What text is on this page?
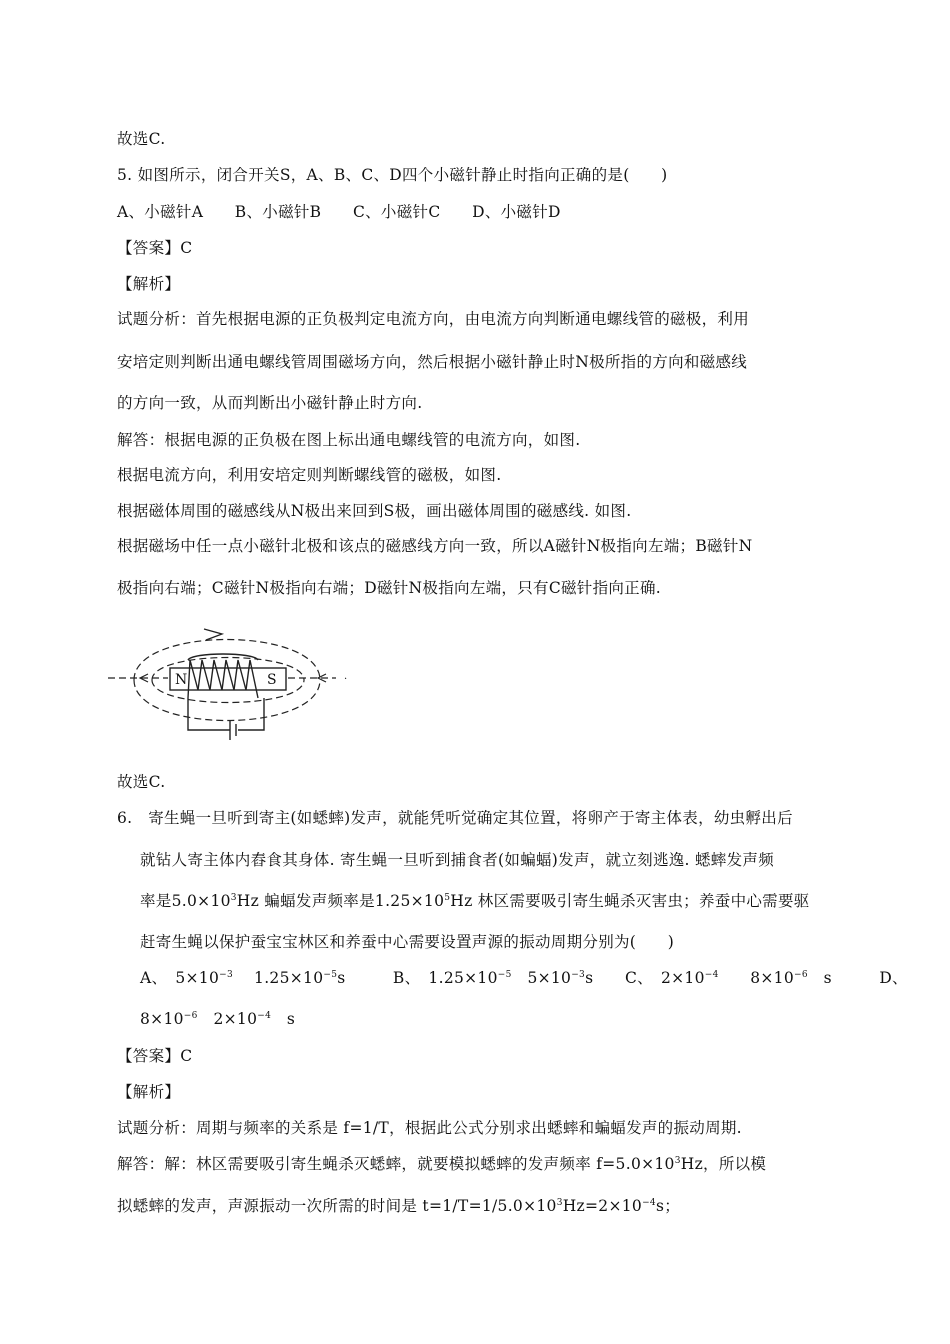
故选C.
5. 如图所示，闭合开关S，A、B、C、D四个小磁针静止时指向正确的是(　　)
A、小磁针A　　B、小磁针B　　C、小磁针C　　D、小磁针D
【答案】C
【解析】
试题分析：首先根据电源的正负极判定电流方向，由电流方向判断通电螺线管的磁极，利用
安培定则判断出通电螺线管周围磁场方向，然后根据小磁针静止时N极所指的方向和磁感线
的方向一致，从而判断出小磁针静止时方向.
解答：根据电源的正负极在图上标出通电螺线管的电流方向，如图.
根据电流方向，利用安培定则判断螺线管的磁极，如图.
根据磁体周围的磁感线从N极出来回到S极，画出磁体周围的磁感线. 如图.
根据磁场中任一点小磁针北极和该点的磁感线方向一致，所以A磁针N极指向左端；B磁针N
极指向右端；C磁针N极指向右端；D磁针N极指向左端，只有C磁针指向正确.
N	S	·
故选C.
6.　寄生蝇一旦听到寄主(如蟋蟀)发声，就能凭听觉确定其位置，将卵产于寄主体表，幼虫孵出后
就钻人寄主体内舂食其身体. 寄生蝇一旦听到捕食者(如蝙蝠)发声，就立刻逃逸. 蟋蟀发声频
率是$5.0\times 10^3Hz$ 蝙蝠发声频率是$1.25\times 10^5Hz$ 林区需要吸引寄生蝇杀灭害虫；养蚕中心需要驱
赶寄生蝇以保护蚕宝宝林区和养蚕中心需要设置声源的振动周期分别为(　　)
A、　$5\times 10^{-3}$　 $1.25\times 10^{-5}s$　　　B、　$1.25\times 10^{-5}$　$5\times 10^{-3}s$　　C、　$2\times 10^{-4}$　　$8\times 10^{-6}$　s　　　D、
$8\times 10^{-6}$　$2\times 10^{-4}$　s
【答案】C
【解析】
试题分析：周期与频率的关系是 f=1/T，根据此公式分别求出蟋蟀和蝙蝠发声的振动周期.
解答：解：林区需要吸引寄生蝇杀灭蟋蟀，就要模拟蟋蟀的发声频率 $f=5.0\times 10^3Hz$，所以模
拟蟋蟀的发声，声源振动一次所需的时间是 $t=1/T=1/5.0\times 10^3Hz=2\times 10^{-4}s$；
